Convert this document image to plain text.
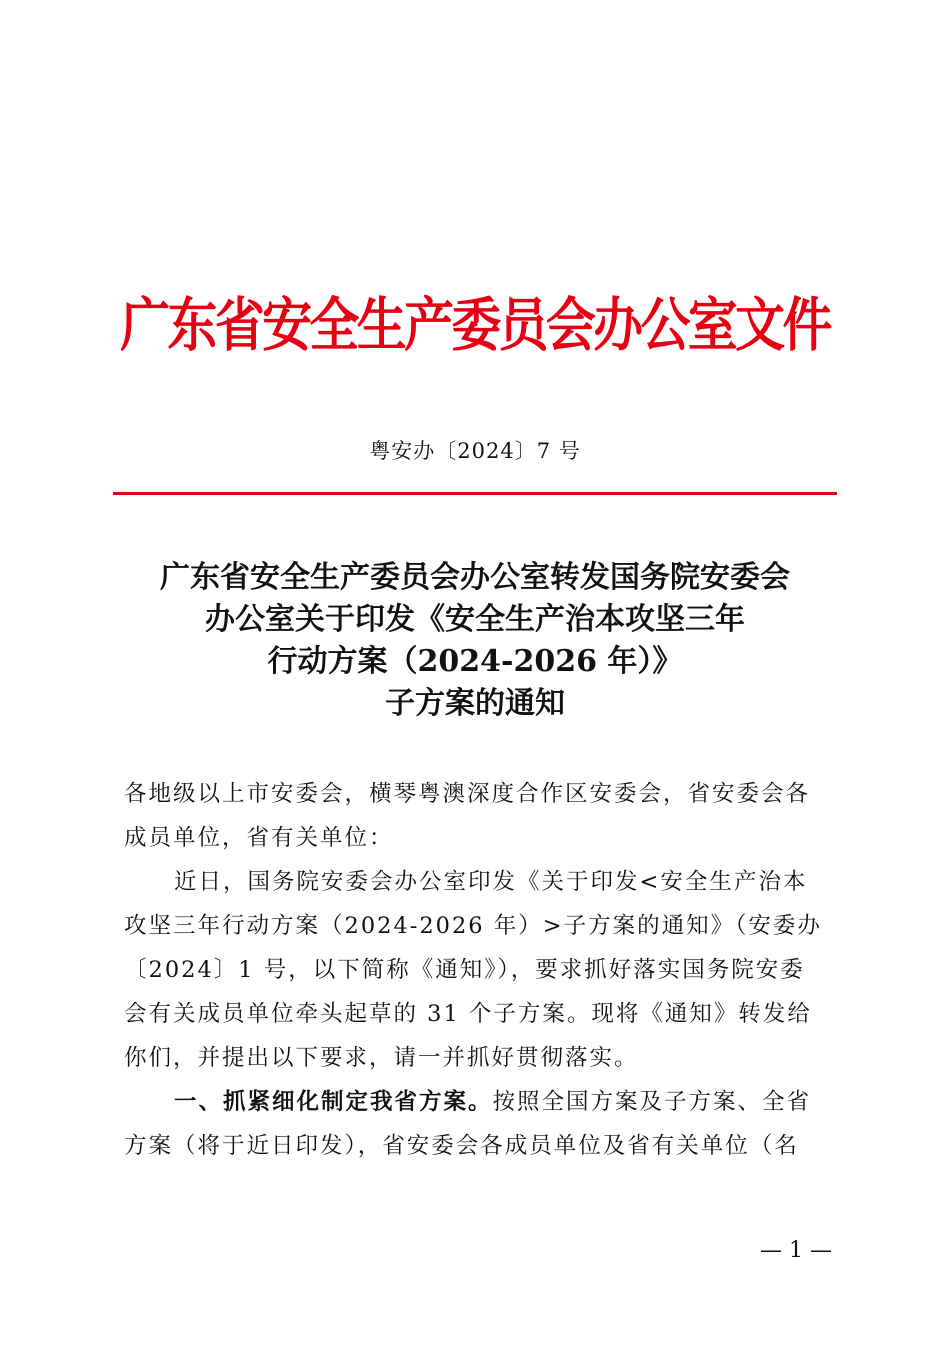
广东省安全生产委员会办公室文件
粤安办〔2024〕7 号
广东省安全生产委员会办公室转发国务院安委会
办公室关于印发《安全生产治本攻坚三年
行动方案（2024-2026 年）》
子方案的通知
各地级以上市安委会，横琴粤澳深度合作区安委会，省安委会各
成员单位，省有关单位：
近日，国务院安委会办公室印发《关于印发<安全生产治本
攻坚三年行动方案（2024-2026 年）>子方案的通知》（安委办
〔2024〕1 号，以下简称《通知》），要求抓好落实国务院安委
会有关成员单位牵头起草的 31 个子方案。现将《通知》转发给
你们，并提出以下要求，请一并抓好贯彻落实。
一、抓紧细化制定我省方案。按照全国方案及子方案、全省
方案（将于近日印发），省安委会各成员单位及省有关单位（名
— 1 —
